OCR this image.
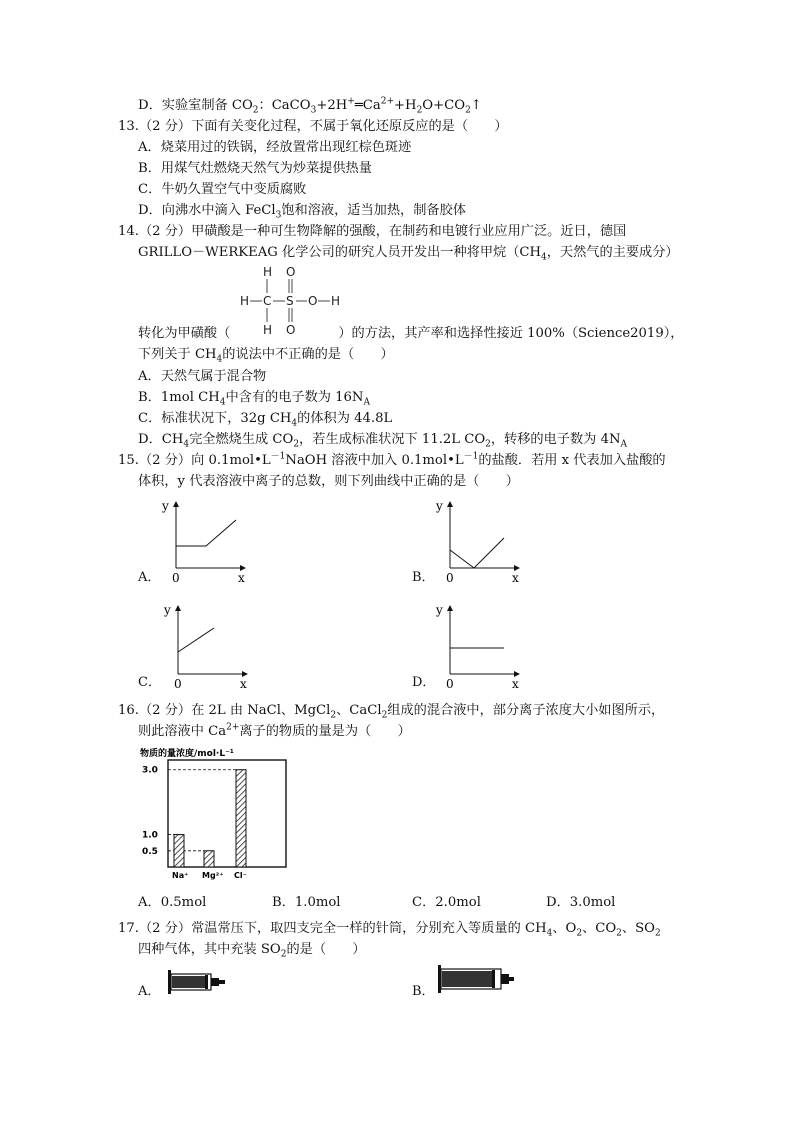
D．实验室制备 $CO_2$：$CaCO_3+2H^+═Ca^{2+}+H_2O+CO_2↑$
13.（2 分）下面有关变化过程，不属于氧化还原反应的是（　　）
A．烧菜用过的铁锅，经放置常出现红棕色斑迹
B．用煤气灶燃烧天然气为炒菜提供热量
C．牛奶久置空气中变质腐败
D．向沸水中滴入 FeCl$_3$饱和溶液，适当加热，制备胶体
14.（2 分）甲磺酸是一种可生物降解的强酸，在制药和电镀行业应用广泛。近日，德国
GRILLO－WERKEAG 化学公司的研究人员开发出一种将甲烷（$CH_4$，天然气的主要成分）
H O
H C S O H
H O
转化为甲磺酸（	）的方法，其产率和选择性接近 100%（Science2019），
下列关于 $CH_4$的说法中不正确的是（　　）
A．天然气属于混合物
B．1mol $CH_4$中含有的电子数为 $16N_A$
C．标准状况下，32g $CH_4$的体积为 44.8L
D．$CH_4$完全燃烧生成 $CO_2$，若生成标准状况下 11.2L $CO_2$，转移的电子数为 $4N_A$
15.（2 分）向 $0.1mol•L^{-1}NaOH$ 溶液中加入 $0.1mol•L^{-1}$的盐酸．若用 x 代表加入盐酸的
体积，y 代表溶液中离子的总数，则下列曲线中正确的是（　　）
A．
y
0	x	B．
y
0	x
C．
y
0	x	D．
y
0	x
16.（2 分）在 2L 由 NaCl、MgCl$_2$、CaCl$_2$组成的混合液中，部分离子浓度大小如图所示，
则此溶液中 $Ca^{2+}$离子的物质的量是为（　　）
物质的量浓度/mol·L⁻¹
3.0
1.0
0.5
Na⁺ Mg²⁺ Cl⁻
A．0.5mol	B．1.0mol	C．2.0mol	D．3.0mol
17.（2 分）常温常压下，取四支完全一样的针筒，分别充入等质量的 $CH_4$、$O_2$、$CO_2$、$SO_2$
四种气体，其中充装 $SO_2$的是（　　）
A．	B．
